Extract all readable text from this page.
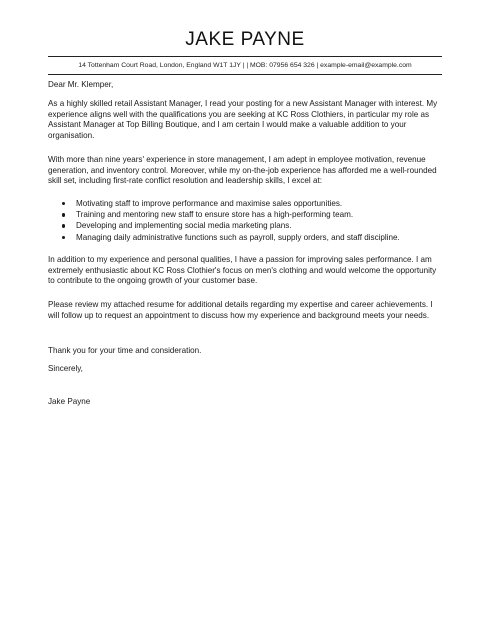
JAKE PAYNE
14 Tottenham Court Road, London, England W1T 1JY | | MOB: 07956 654 326 | example-email@example.com

Dear Mr. Klemper,

As a highly skilled retail Assistant Manager, I read your posting for a new Assistant Manager with interest. My experience aligns well with the qualifications you are seeking at KC Ross Clothiers, in particular my role as Assistant Manager at Top Billing Boutique, and I am certain I would make a valuable addition to your organisation.

With more than nine years' experience in store management, I am adept in employee motivation, revenue generation, and inventory control. Moreover, while my on-the-job experience has afforded me a well-rounded skill set, including first-rate conflict resolution and leadership skills, I excel at:

Motivating staff to improve performance and maximise sales opportunities.
Training and mentoring new staff to ensure store has a high-performing team.
Developing and implementing social media marketing plans.
Managing daily administrative functions such as payroll, supply orders, and staff discipline.

In addition to my experience and personal qualities, I have a passion for improving sales performance. I am extremely enthusiastic about KC Ross Clothier's focus on men's clothing and would welcome the opportunity to contribute to the ongoing growth of your customer base.

Please review my attached resume for additional details regarding my expertise and career achievements. I will follow up to request an appointment to discuss how my experience and background meets your needs.

Thank you for your time and consideration.

Sincerely,

Jake Payne
